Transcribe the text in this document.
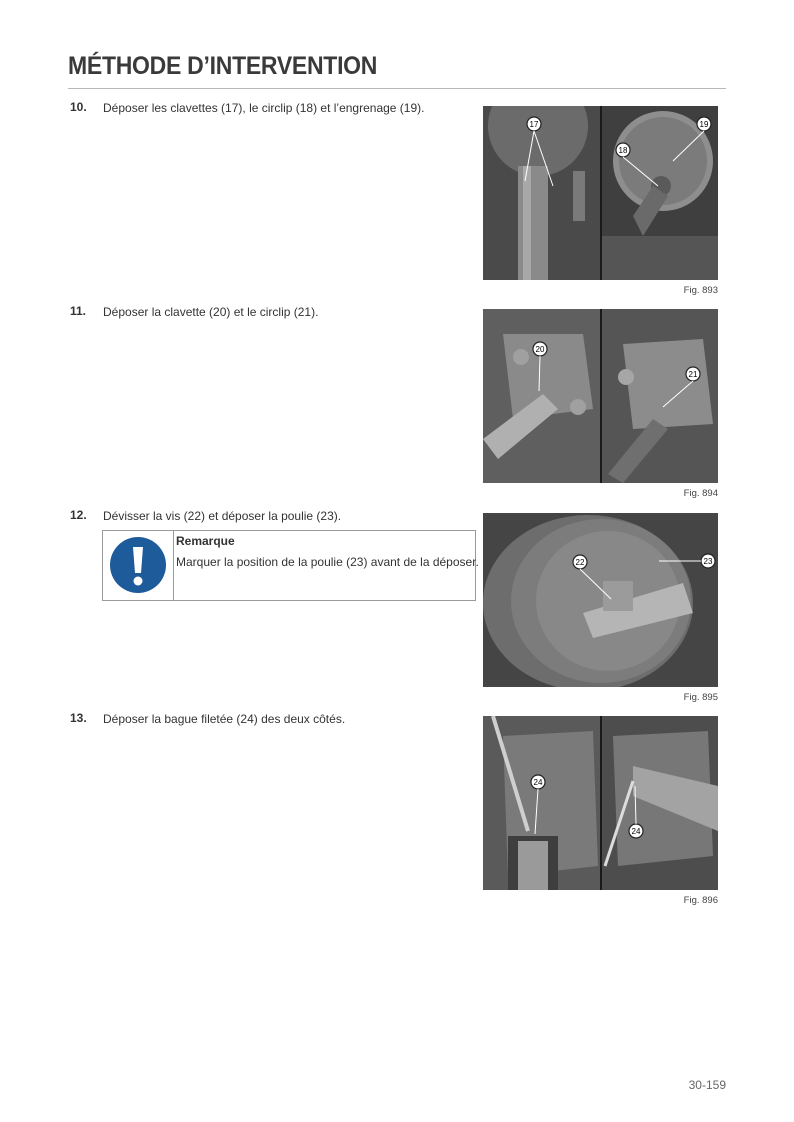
MÉTHODE D’INTERVENTION
10. Déposer les clavettes (17), le circlip (18) et l’engrenage (19).
17
18
19
Fig. 893
11. Déposer la clavette (20) et le circlip (21).
20
21
Fig. 894
12. Dévisser la vis (22) et déposer la poulie (23).
Remarque
Marquer la position de la poulie (23) avant de la déposer.	22	23
Fig. 895
13. Déposer la bague filetée (24) des deux côtés.
24
24
Fig. 896
30-159
